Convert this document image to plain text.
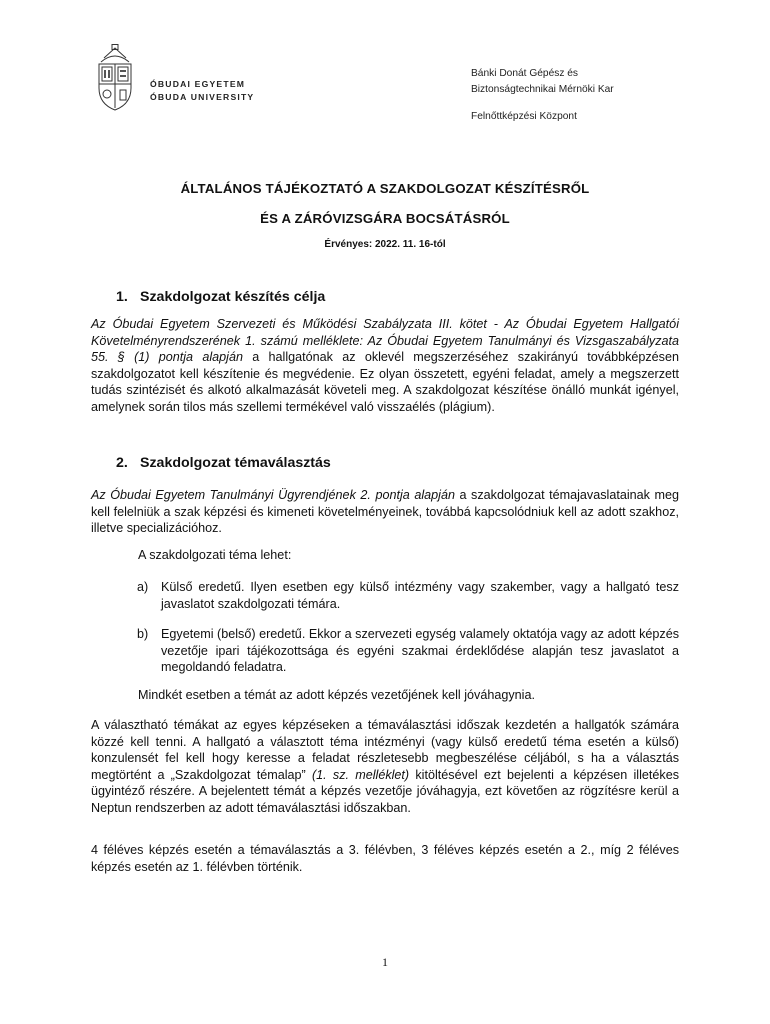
ÓBUDAI EGYETEM
ÓBUDA UNIVERSITY
Bánki Donát Gépész és
Biztonságtechnikai Mérnöki Kar
Felnőttképzési Központ
ÁLTALÁNOS TÁJÉKOZTATÓ A SZAKDOLGOZAT KÉSZÍTÉSRŐL
ÉS A ZÁRÓVIZSGÁRA BOCSÁTÁSRÓL
Érvényes: 2022. 11. 16-tól
1. Szakdolgozat készítés célja

Az Óbudai Egyetem Szervezeti és Működési Szabályzata III. kötet - Az Óbudai Egyetem Hallgatói Követelményrendszerének 1. számú melléklete: Az Óbudai Egyetem Tanulmányi és Vizsgaszabályzata 55. § (1) pontja alapján a hallgatónak az oklevél megszerzéséhez szakirányú továbbképzésen szakdolgozatot kell készítenie és megvédenie. Ez olyan összetett, egyéni feladat, amely a megszerzett tudás szintézisét és alkotó alkalmazását követeli meg. A szakdolgozat készítése önálló munkát igényel, amelynek során tilos más szellemi termékével való visszaélés (plágium).

2. Szakdolgozat témaválasztás

Az Óbudai Egyetem Tanulmányi Ügyrendjének 2. pontja alapján a szakdolgozat témajavaslatainak meg kell felelniük a szak képzési és kimeneti követelményeinek, továbbá kapcsolódniuk kell az adott szakhoz, illetve specializációhoz.

A szakdolgozati téma lehet:
a) Külső eredetű. Ilyen esetben egy külső intézmény vagy szakember, vagy a hallgató tesz javaslatot szakdolgozati témára.
b) Egyetemi (belső) eredetű. Ekkor a szervezeti egység valamely oktatója vagy az adott képzés vezetője ipari tájékozottsága és egyéni szakmai érdeklődése alapján tesz javaslatot a megoldandó feladatra.
Mindkét esetben a témát az adott képzés vezetőjének kell jóváhagynia.

A választható témákat az egyes képzéseken a témaválasztási időszak kezdetén a hallgatók számára közzé kell tenni. A hallgató a választott téma intézményi (vagy külső eredetű téma esetén a külső) konzulensét fel kell hogy keresse a feladat részletesebb megbeszélése céljából, s ha a választás megtörtént a „Szakdolgozat témalap” (1. sz. melléklet) kitöltésével ezt bejelenti a képzésen illetékes ügyintéző részére. A bejelentett témát a képzés vezetője jóváhagyja, ezt követően az rögzítésre kerül a Neptun rendszerben az adott témaválasztási időszakban.

4 féléves képzés esetén a témaválasztás a 3. félévben, 3 féléves képzés esetén a 2., míg 2 féléves képzés esetén az 1. félévben történik.

1
